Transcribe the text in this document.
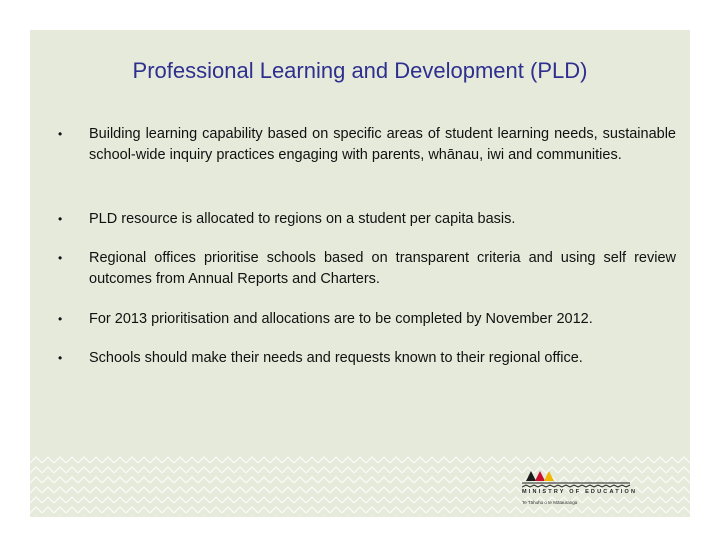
Professional Learning and Development (PLD)
•	Building learning capability based on specific areas of student learning needs, sustainable school-wide inquiry practices engaging with parents, whānau, iwi and communities.
•	PLD resource is allocated to regions on a student per capita basis.
•	Regional offices prioritise schools based on transparent criteria and using self review outcomes from Annual Reports and Charters.
•	For 2013 prioritisation and allocations are to be completed by November 2012.
•	Schools should make their needs and requests known to their regional office.
MINISTRY OF EDUCATION
Te Tāhuhu o te Mātauranga
